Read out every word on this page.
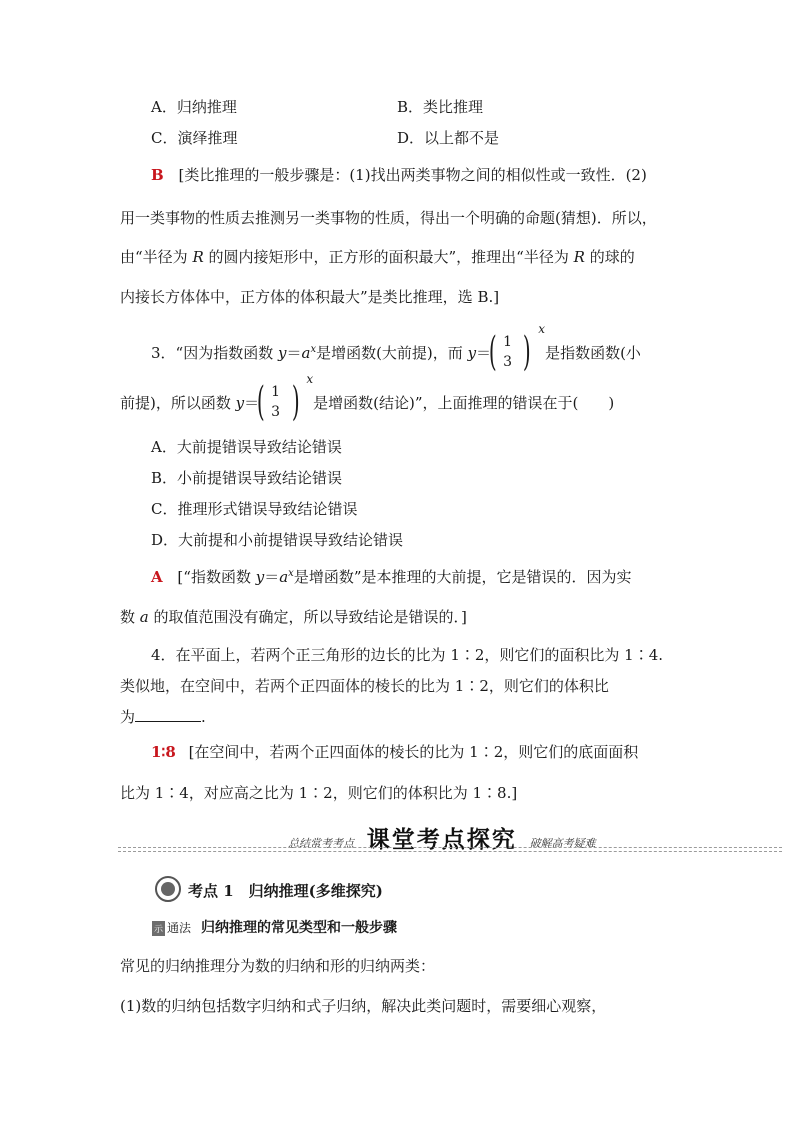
A．归纳推理	B．类比推理
C．演绎推理	D．以上都不是
B [类比推理的一般步骤是：(1)找出两类事物之间的相似性或一致性．(2)
用一类事物的性质去推测另一类事物的性质，得出一个明确的命题(猜想)．所以，
由“半径为 R 的圆内接矩形中，正方形的面积最大”，推理出“半径为 R 的球的
内接长方体体中，正方体的体积最大”是类比推理，选 B.]
3．“因为指数函数 $y=a^x$是增函数(大前提)，而 y＝
( 1
3 ) x
是指数函数(小
前提)，所以函数 y＝
( 1
3 ) x
是增函数(结论)”，上面推理的错误在于(　　)
A．大前提错误导致结论错误
B．小前提错误导致结论错误
C．推理形式错误导致结论错误
D．大前提和小前提错误导致结论错误
A [“指数函数 $y=a^x$是增函数”是本推理的大前提，它是错误的．因为实
数 a 的取值范围没有确定，所以导致结论是错误的．]
4．在平面上，若两个正三角形的边长的比为 1∶2，则它们的面积比为 1∶4.
类似地，在空间中，若两个正四面体的棱长的比为 1∶2，则它们的体积比
为	.
1∶8 [在空间中，若两个正四面体的棱长的比为 1∶2，则它们的底面面积
比为 1∶4，对应高之比为 1∶2，则它们的体积比为 1∶8.]
总结常考考点 课堂考点探究 破解高考疑难
考点 1　归纳推理(多维探究)
示 通法 归纳推理的常见类型和一般步骤
常见的归纳推理分为数的归纳和形的归纳两类：
(1)数的归纳包括数字归纳和式子归纳，解决此类问题时，需要细心观察，
